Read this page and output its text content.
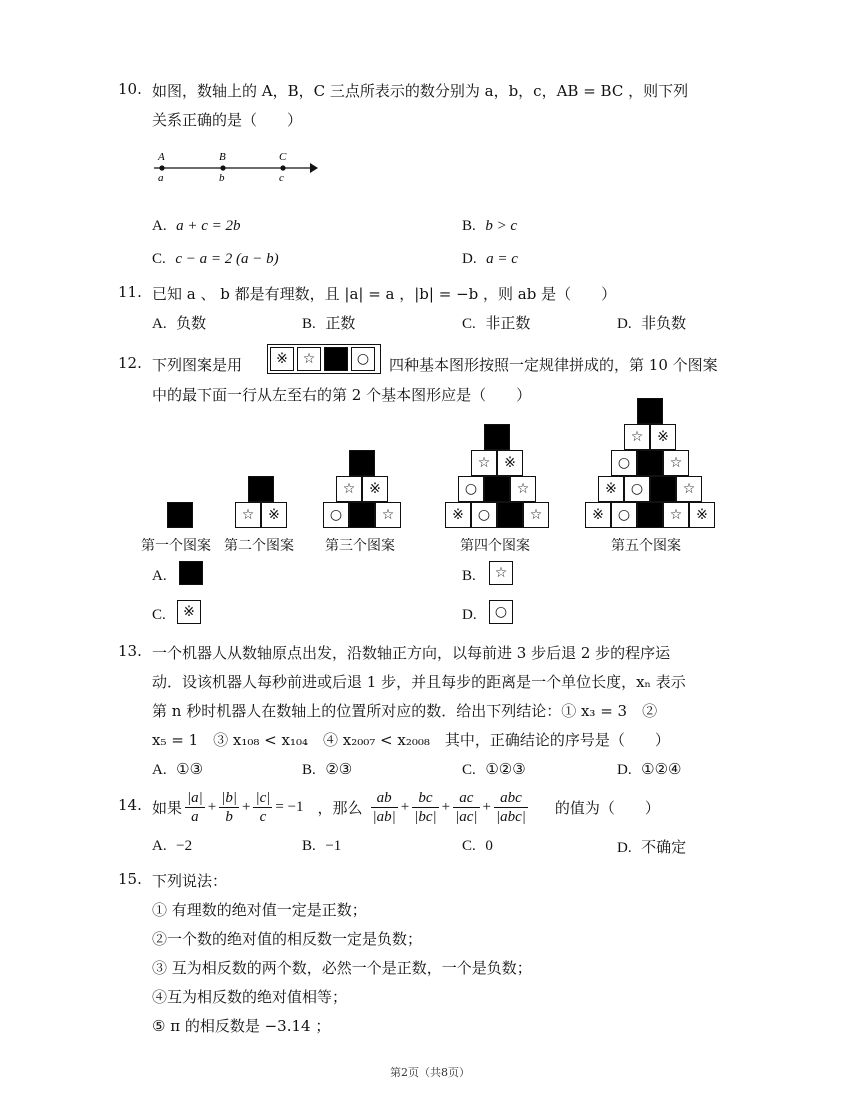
10. 如图，数轴上的 A，B，C 三点所表示的数分别为 a，b，c，AB = BC ，则下列
关系正确的是（　　）
A
a
B
b
C
c
A. a + c = 2b	B. b > c
C. c − a = 2 (a − b)	D. a = c
11. 已知 a 、 b 都是有理数，且 |a| = a ，|b| = −b ，则 ab 是（　　）
A. 负数	B. 正数	C. 非正数	D. 非负数
12. 下列图案是用	※	☆	○	四种基本图形按照一定规律拼成的，第 10 个图案
中的最下面一行从左至右的第 2 个基本图形应是（　　）
☆ ※
☆ ※
○	☆
☆ ※
○	☆
※	○	☆
☆ ※
○	☆
※	○	☆
※	○	☆ ※
第一个图案 第二个图案 第三个图案	第四个图案	第五个图案
A.	B.	☆
C.	※	D.	○
13. 一个机器人从数轴原点出发，沿数轴正方向，以每前进 3 步后退 2 步的程序运
动．设该机器人每秒前进或后退 1 步，并且每步的距离是一个单位长度，xₙ 表示
第 n 秒时机器人在数轴上的位置所对应的数．给出下列结论：① x₃ = 3　②
x₅ = 1　③ x₁₀₈ < x₁₀₄　④ x₂₀₀₇ < x₂₀₀₈　其中，正确结论的序号是（　　）
A. ①③	B. ②③	C. ①②③	D. ①②④
14. 如果 $\frac{|a|}{a} + \frac{|b|}{b} + \frac{|c|}{c} = -1$ ，那么 $\frac{ab}{|ab|} + \frac{bc}{|bc|} + \frac{ac}{|ac|} + \frac{\text{abc}}{\text{|abc|}}$ 的值为（　　）
A. −2	B. −1	C. 0	D. 不确定
15. 下列说法：
① 有理数的绝对值一定是正数；
②一个数的绝对值的相反数一定是负数；
③ 互为相反数的两个数，必然一个是正数，一个是负数；
④互为相反数的绝对值相等；
⑤ π 的相反数是 −3.14 ；
第2页（共8页）
